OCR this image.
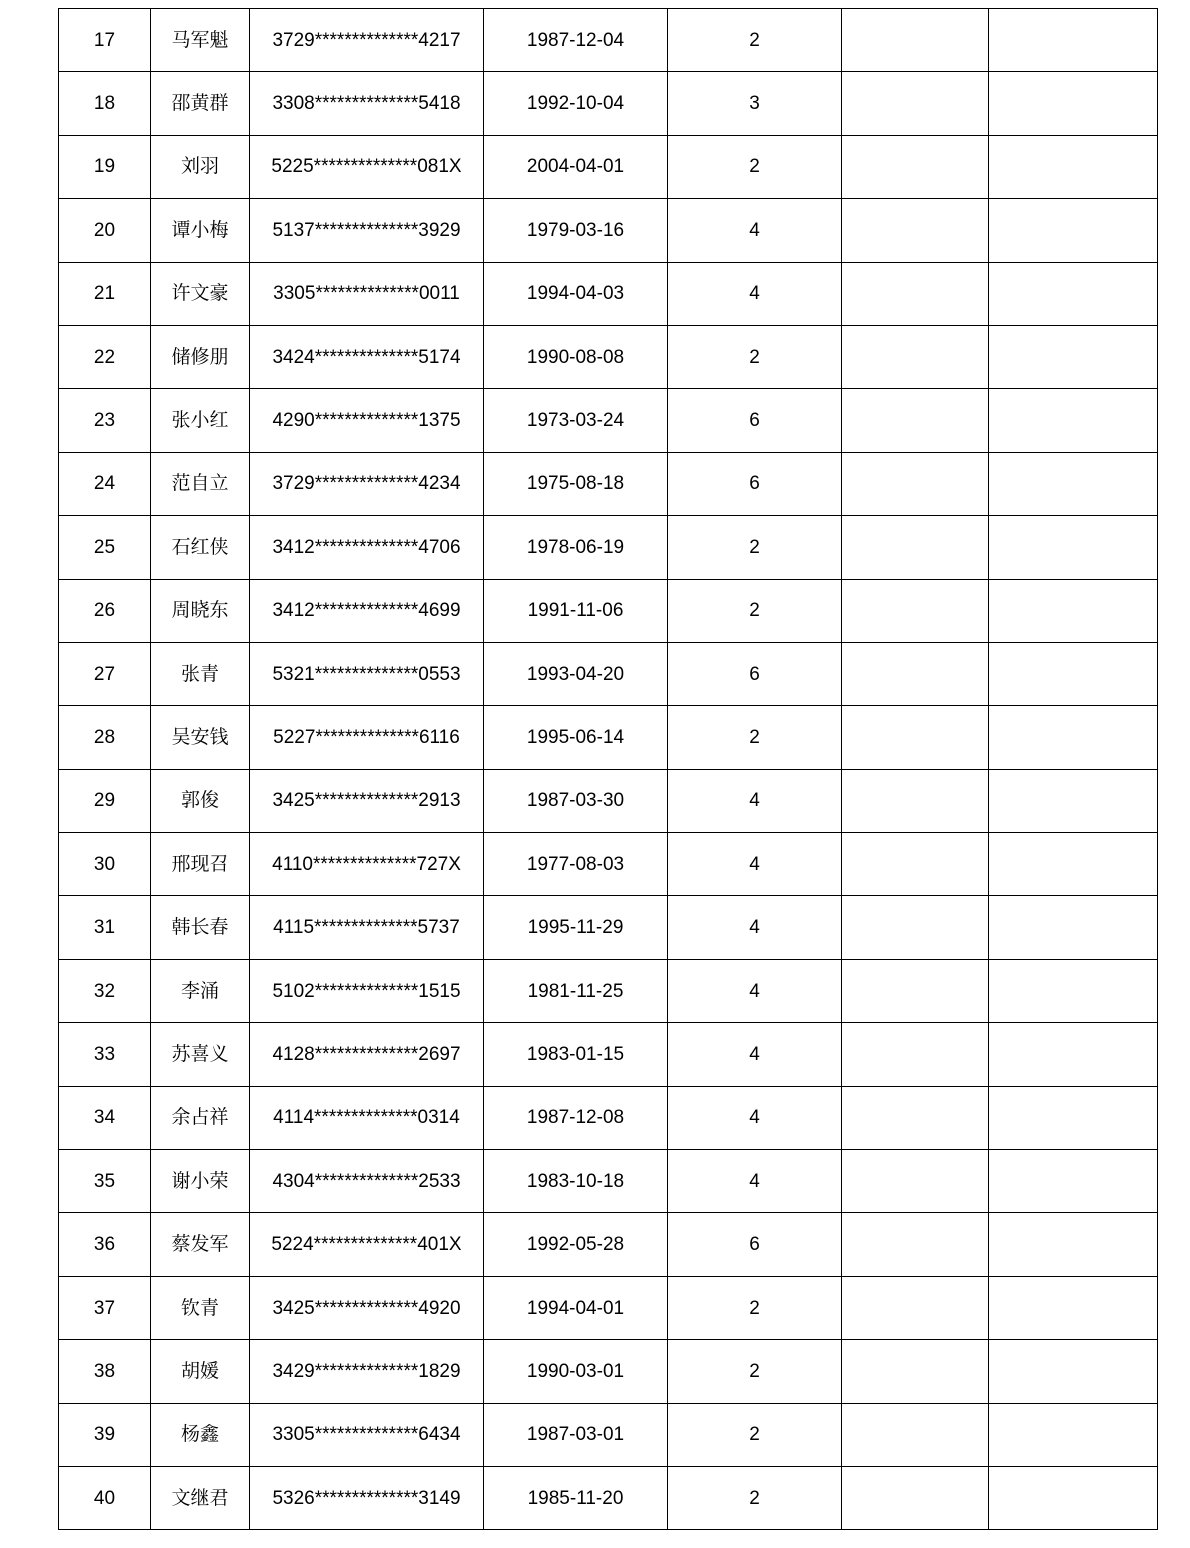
17	马军魁	3729**************4217	1987-12-04	2		
18	邵黄群	3308**************5418	1992-10-04	3		
19	刘羽	5225**************081X	2004-04-01	2		
20	谭小梅	5137**************3929	1979-03-16	4		
21	许文豪	3305**************0011	1994-04-03	4		
22	储修朋	3424**************5174	1990-08-08	2		
23	张小红	4290**************1375	1973-03-24	6		
24	范自立	3729**************4234	1975-08-18	6		
25	石红侠	3412**************4706	1978-06-19	2		
26	周晓东	3412**************4699	1991-11-06	2		
27	张青	5321**************0553	1993-04-20	6		
28	吴安钱	5227**************6116	1995-06-14	2		
29	郭俊	3425**************2913	1987-03-30	4		
30	邢现召	4110**************727X	1977-08-03	4		
31	韩长春	4115**************5737	1995-11-29	4		
32	李涌	5102**************1515	1981-11-25	4		
33	苏喜义	4128**************2697	1983-01-15	4		
34	余占祥	4114**************0314	1987-12-08	4		
35	谢小荣	4304**************2533	1983-10-18	4		
36	蔡发军	5224**************401X	1992-05-28	6		
37	钦青	3425**************4920	1994-04-01	2		
38	胡媛	3429**************1829	1990-03-01	2		
39	杨鑫	3305**************6434	1987-03-01	2		
40	文继君	5326**************3149	1985-11-20	2		
